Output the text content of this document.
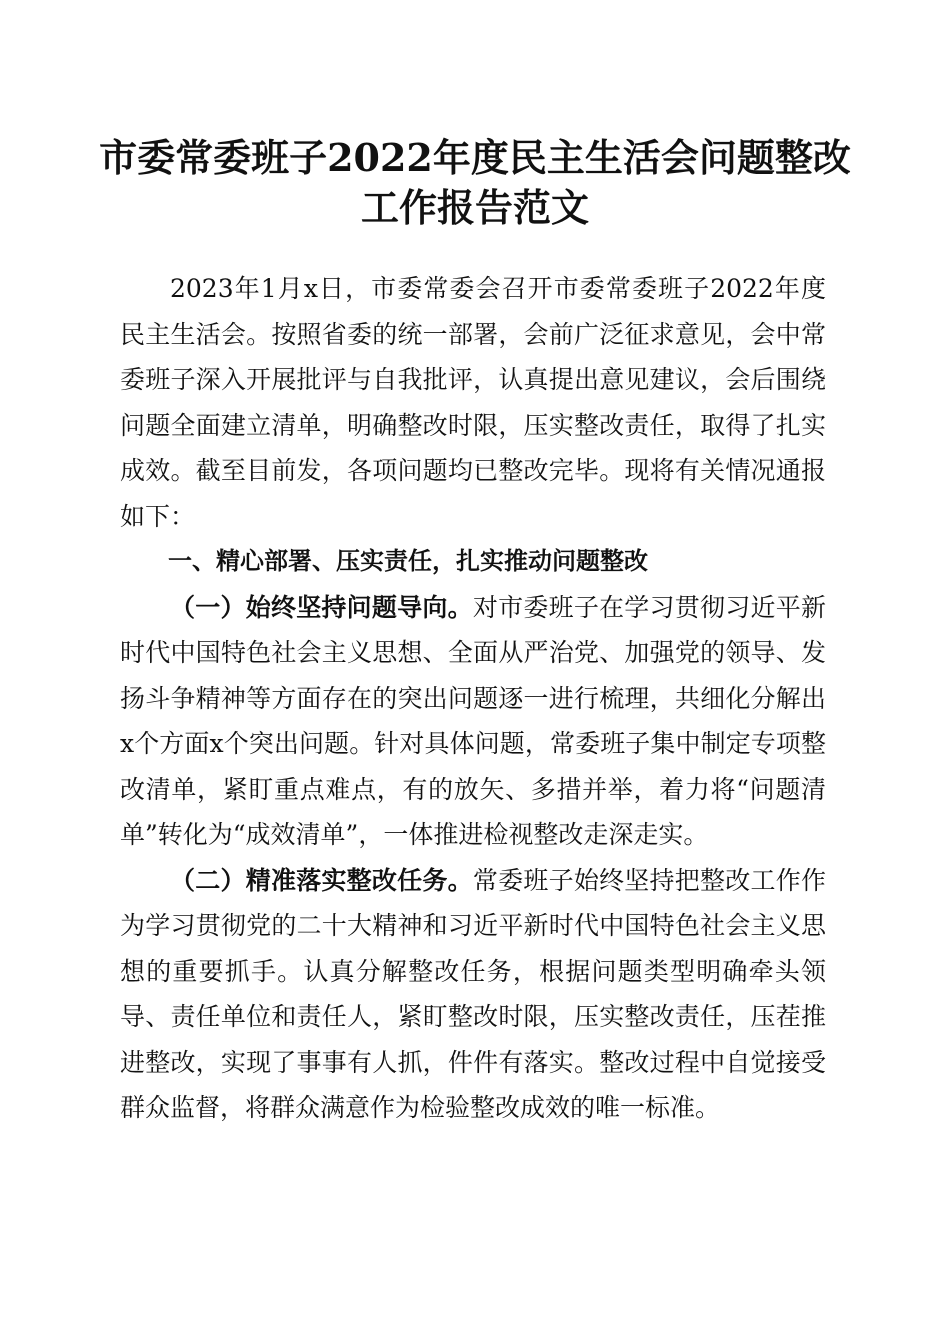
市委常委班子2022年度民主生活会问题整改
工作报告范文

2023年1月x日，市委常委会召开市委常委班子2022年度民主生活会。按照省委的统一部署，会前广泛征求意见，会中常委班子深入开展批评与自我批评，认真提出意见建议，会后围绕问题全面建立清单，明确整改时限，压实整改责任，取得了扎实成效。截至目前发，各项问题均已整改完毕。现将有关情况通报如下：

一、精心部署、压实责任，扎实推动问题整改

（一）始终坚持问题导向。对市委班子在学习贯彻习近平新时代中国特色社会主义思想、全面从严治党、加强党的领导、发扬斗争精神等方面存在的突出问题逐一进行梳理，共细化分解出x个方面x个突出问题。针对具体问题，常委班子集中制定专项整改清单，紧盯重点难点，有的放矢、多措并举，着力将“问题清单”转化为“成效清单”，一体推进检视整改走深走实。

（二）精准落实整改任务。常委班子始终坚持把整改工作作为学习贯彻党的二十大精神和习近平新时代中国特色社会主义思想的重要抓手。认真分解整改任务，根据问题类型明确牵头领导、责任单位和责任人，紧盯整改时限，压实整改责任，压茬推进整改，实现了事事有人抓，件件有落实。整改过程中自觉接受群众监督，将群众满意作为检验整改成效的唯一标准。
